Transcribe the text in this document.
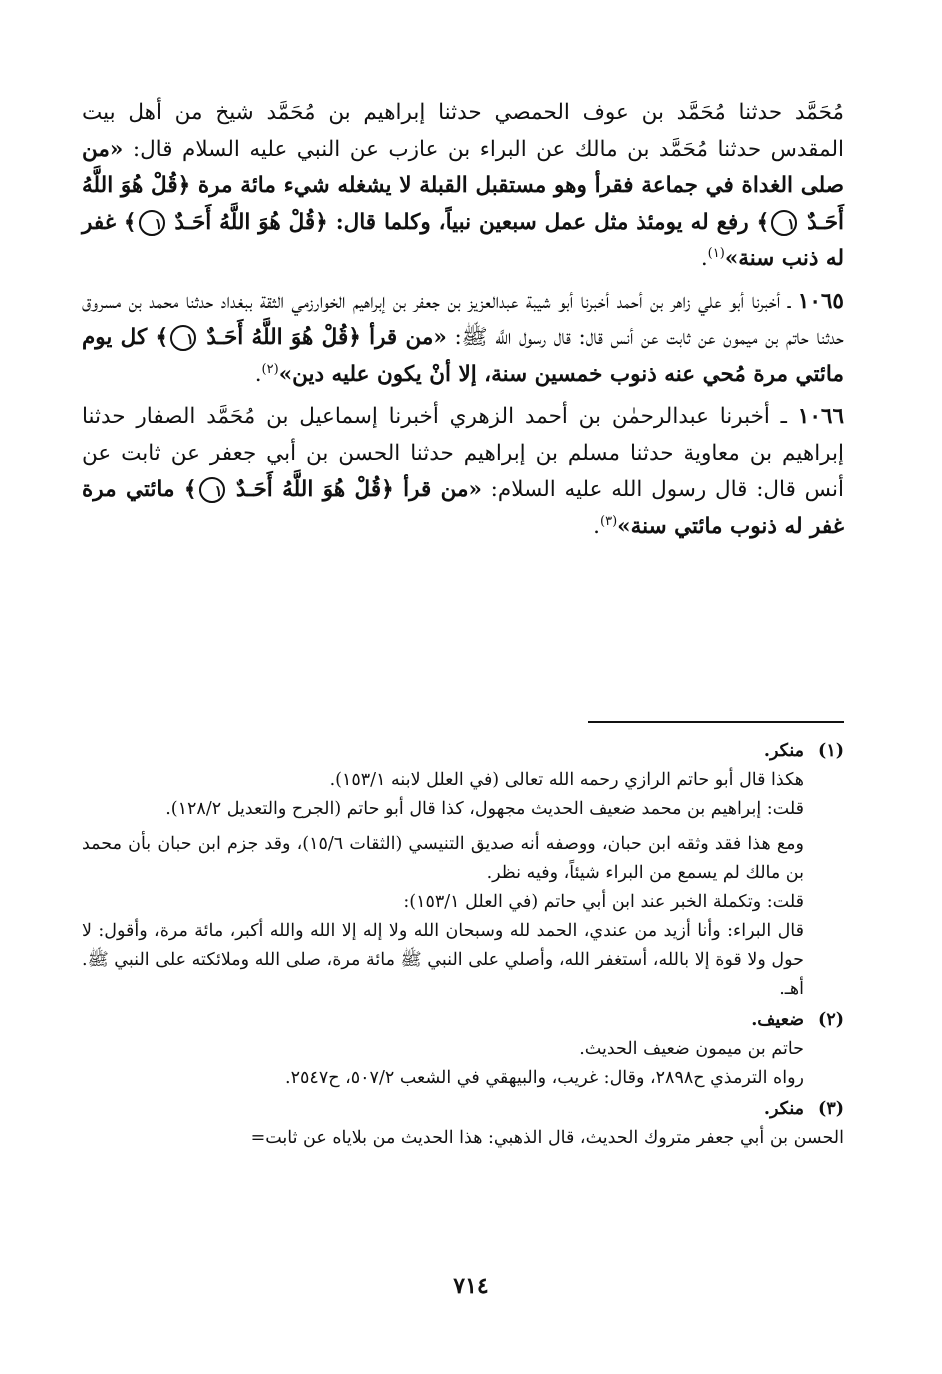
مُحَمَّد حدثنا مُحَمَّد بن عوف الحمصي حدثنا إبراهيم بن مُحَمَّد شيخ من أهل بيت المقدس حدثنا مُحَمَّد بن مالك عن البراء بن عازب عن النبي عليه السلام قال: «من صلى الغداة في جماعة فقرأ وهو مستقبل القبلة لا يشغله شيء مائة مرة ﴿قُلْ هُوَ اللَّهُ أَحَـدٌ ١﴾ رفع له يومئذ مثل عمل سبعين نبياً، وكلما قال: ﴿قُلْ هُوَ اللَّهُ أَحَـدٌ ١﴾ غفر له ذنب سنة»$^{(١)}$.

١٠٦٥ ـ أخبرنا أبو علي زاهر بن أحمد أخبرنا أبو شيبة عبدالعزيز بن جعفر بن إبراهيم الخوارزمي الثقة ببغداد حدثنا محمد بن مسروق حدثنا حاتم بن ميمون عن ثابت عن أنس قال: قال رسول اللَّه ﷺ: «من قرأ ﴿قُلْ هُوَ اللَّهُ أَحَـدٌ ١﴾ كل يوم مائتي مرة مُحي عنه ذنوب خمسين سنة، إلا أنْ يكون عليه دين»$^{(٢)}$.

١٠٦٦ ـ أخبرنا عبدالرحمٰن بن أحمد الزهري أخبرنا إسماعيل بن مُحَمَّد الصفار حدثنا إبراهيم بن معاوية حدثنا مسلم بن إبراهيم حدثنا الحسن بن أبي جعفر عن ثابت عن أنس قال: قال رسول الله عليه السلام: «من قرأ ﴿قُلْ هُوَ اللَّهُ أَحَـدٌ ١﴾ مائتي مرة غفر له ذنوب مائتي سنة»$^{(٣)}$.

(١)
منكر.

هكذا قال أبو حاتم الرازي رحمه الله تعالى (في العلل لابنه ١٥٣/١).

قلت: إبراهيم بن محمد ضعيف الحديث مجهول، كذا قال أبو حاتم (الجرح والتعديل ١٢٨/٢).

ومع هذا فقد وثقه ابن حبان، ووصفه أنه صديق التنيسي (الثقات ١٥/٦)، وقد جزم ابن حبان بأن محمد بن مالك لم يسمع من البراء شيئاً، وفيه نظر.

قلت: وتكملة الخبر عند ابن أبي حاتم (في العلل ١٥٣/١):

قال البراء: وأنا أزيد من عندي، الحمد لله وسبحان الله ولا إله إلا الله والله أكبر، مائة مرة، وأقول: لا حول ولا قوة إلا بالله، أستغفر الله، وأصلي على النبي ﷺ مائة مرة، صلى الله وملائكته على النبي ﷺ. أهـ.

(٢)
ضعيف.

حاتم بن ميمون ضعيف الحديث.

رواه الترمذي ح٢٨٩٨، وقال: غريب، والبيهقي في الشعب ٥٠٧/٢، ح٢٥٤٧.

(٣)
منكر.

الحسن بن أبي جعفر متروك الحديث، قال الذهبي: هذا الحديث من بلاياه عن ثابت=

٧١٤
